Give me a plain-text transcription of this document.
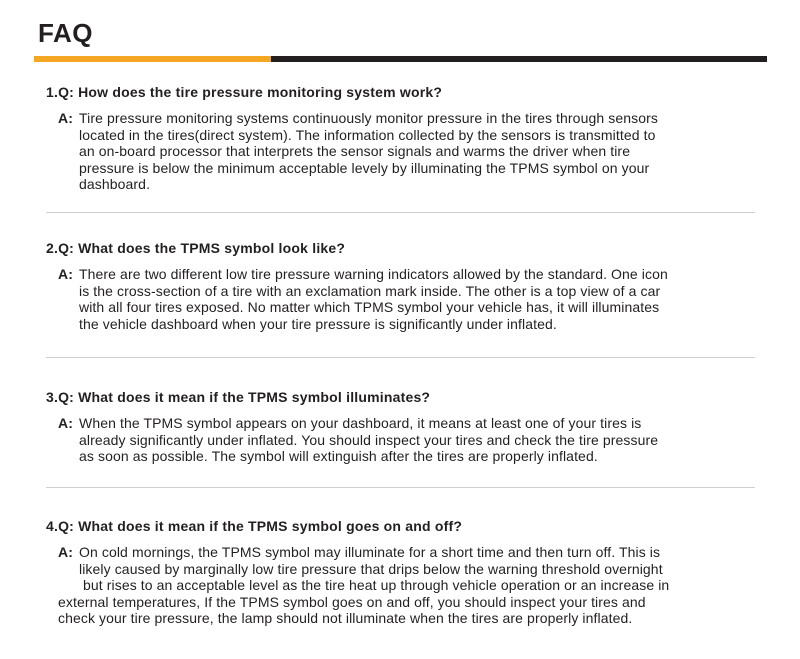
FAQ

1.Q: How does the tire pressure monitoring system work?

A: Tire pressure monitoring systems continuously monitor pressure in the tires through sensors
located in the tires(direct system). The information collected by the sensors is transmitted to
an on-board processor that interprets the sensor signals and warms the driver when tire
pressure is below the minimum acceptable levely by illuminating the TPMS symbol on your
dashboard.

2.Q: What does the TPMS symbol look like?

A: There are two different low tire pressure warning indicators allowed by the standard. One icon
is the cross-section of a tire with an exclamation mark inside. The other is a top view of a car
with all four tires exposed. No matter which TPMS symbol your vehicle has, it will illuminates
the vehicle dashboard when your tire pressure is significantly under inflated.

3.Q: What does it mean if the TPMS symbol illuminates?

A: When the TPMS symbol appears on your dashboard, it means at least one of your tires is
already significantly under inflated. You should inspect your tires and check the tire pressure
as soon as possible. The symbol will extinguish after the tires are properly inflated.

4.Q: What does it mean if the TPMS symbol goes on and off?

A: On cold mornings, the TPMS symbol may illuminate for a short time and then turn off. This is
likely caused by marginally low tire pressure that drips below the warning threshold overnight
but rises to an acceptable level as the tire heat up through vehicle operation or an increase in
external temperatures, If the TPMS symbol goes on and off, you should inspect your tires and
check your tire pressure, the lamp should not illuminate when the tires are properly inflated.
